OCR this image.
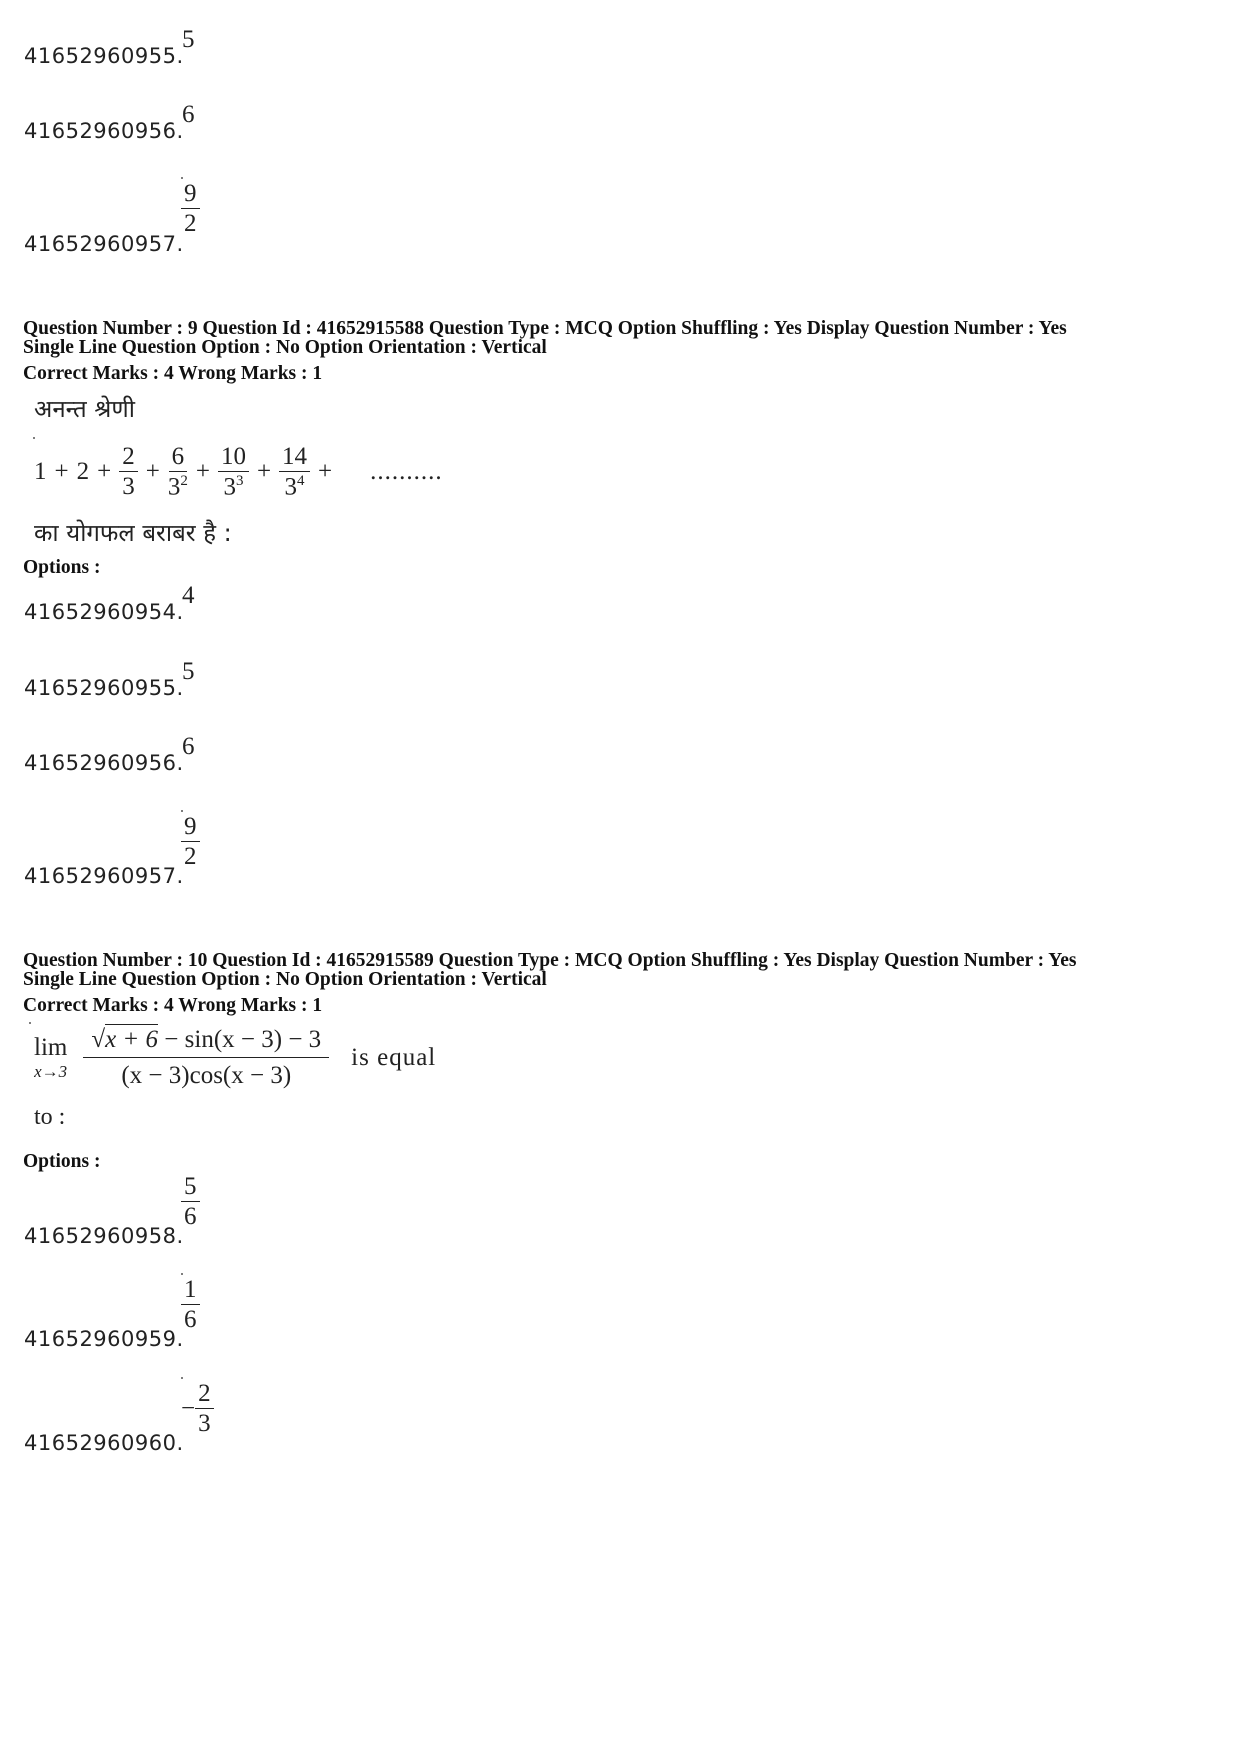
41652960955.
5
41652960956.
6
41652960957.
$\frac{9}{2}$
Question Number : 9 Question Id : 41652915588 Question Type : MCQ Option Shuffling : Yes Display Question Number : Yes
Single Line Question Option : No Option Orientation : Vertical
Correct Marks : 4 Wrong Marks : 1
अनन्त श्रेणी
$1 + 2 + \frac{2}{3} + \frac{6}{3^2} + \frac{10}{3^3} + \frac{14}{3^4}$ + ..........
का योगफल बराबर है :
Options :
41652960954.
4
41652960955.
5
41652960956.
6
41652960957.
$\frac{9}{2}$
Question Number : 10 Question Id : 41652915589 Question Type : MCQ Option Shuffling : Yes Display Question Number : Yes
Single Line Question Option : No Option Orientation : Vertical
Correct Marks : 4 Wrong Marks : 1
lim
$x\to 3 \frac{√x + 6 - \sin(x - 3) - 3}{(x - 3)\cos(x - 3)}$ is equal
to :
Options :
41652960958.
$\frac{5}{6}$
41652960959.
$\frac{1}{6}$
41652960960.
− $\frac{2}{3}$
